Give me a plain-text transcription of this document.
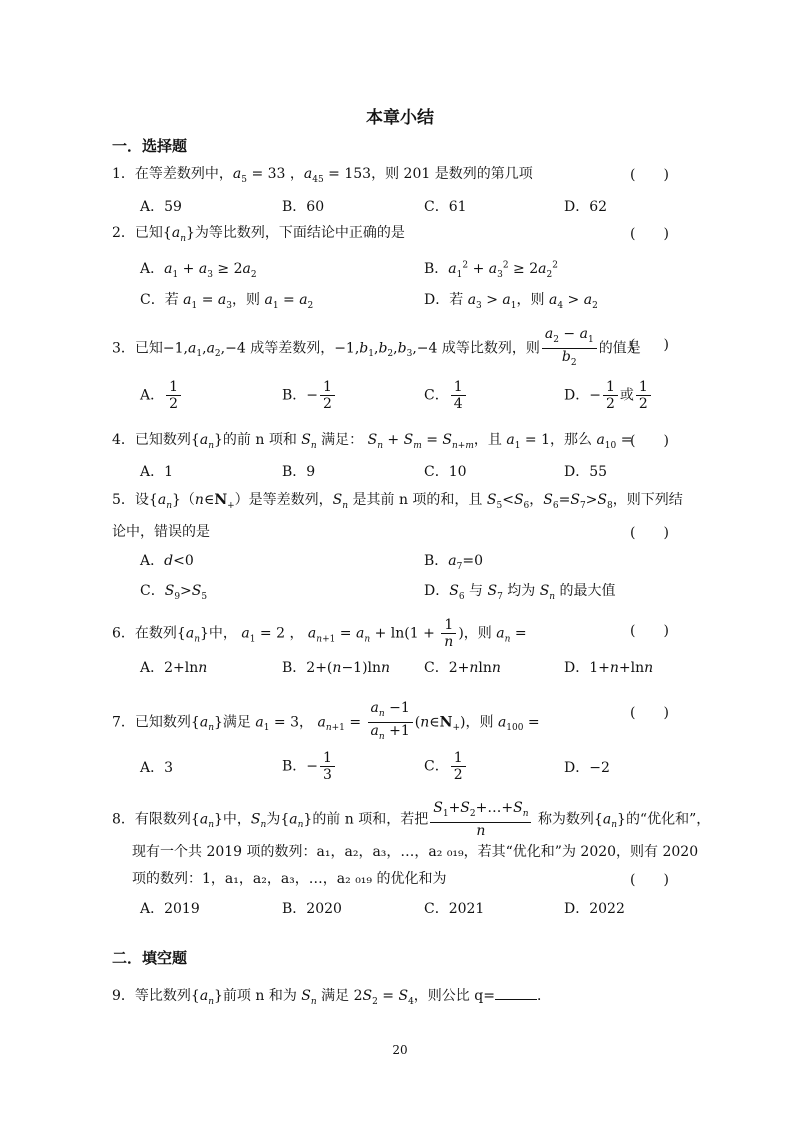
本章小结
一．选择题
1．在等差数列中，$a_5 = 33$ ，$a_{45} = 153$，则 201 是数列的第几项	(　　)
A．59	B．60	C．61	D．62
2．已知$\{a_n\}$为等比数列，下面结论中正确的是	(　　)
A．$a_1 + a_3 \ge 2a_2$	B．$a_1^2 + a_3^2 \ge 2a_2^2$
C．若 $a_1 = a_3$，则 $a_1 = a_2$	D．若 $a_3 > a_1$，则 $a_4 > a_2$
3．已知$-1,a_1,a_2,-4$ 成等差数列，$-1,b_1,b_2,b_3,-4$ 成等比数列，则 $\frac{a_2 - a_1}{b_2}$ 的值是
(　　)
A． $\frac{1}{2}$	B．− $\frac{1}{2}$	C． $\frac{1}{4}$	D．− $\frac{1}{2}$ 或 $\frac{1}{2}$
4．已知数列$\{a_n\}$的前 n 项和 $S_n$ 满足： $S_n + S_m = S_{n+m}$，且 $a_1 = 1$，那么 $a_{10}$ =
(　　)
A．1	B．9	C．10	D．55
5．设$\{a_n\}(n\in N_+)$是等差数列，$S_n$ 是其前 n 项的和，且 $S_5<S_6$，$S_6=S_7>S_8$，则下列结
论中，错误的是	(　　)
A．d<0	B．$a_7=0$
C．$S_9>S_5$	D．$S_6$ 与 $S_7$ 均为 $S_n$ 的最大值
6．在数列$\{a_n\}$中， $a_1 = 2$ ， $a_{n+1} = a_n + \ln(1 + \frac{1}{n}$ )，则 $a_n$ =	(　　)
A．2+lnn	B．2+(n−1)lnn C．2+nlnn	D．1+n+lnn
7．已知数列$\{a_n\}$满足 $a_1 = 3$， $a_{n+1} = \frac{a_n -1}{a_n +1}$ $(n\in N_+)$，则 $a_{100}$ =
(　　)
A．3	B．− $\frac{1}{3}$	C． $\frac{1}{2}$	D．−2
8．有限数列$\{a_n\}$中，$S_n$为$\{a_n\}$的前 n 项和，若把 $\frac{S_1+S_2+\dots+S_n}{n}$ 称为数列$\{a_n\}$的“优化和”，
现有一个共 2019 项的数列：a₁，a₂，a₃，…，a₂ ₀₁₉，若其“优化和”为 2020，则有 2020
项的数列：1，a₁，a₂，a₃，…，a₂ ₀₁₉ 的优化和为	(　　)
A．2019	B．2020	C．2021	D．2022
二．填空题
9．等比数列$\{a_n\}$前项 n 和为 $S_n$ 满足 $2S_2 = S_4$，则公比 q=	．
20
